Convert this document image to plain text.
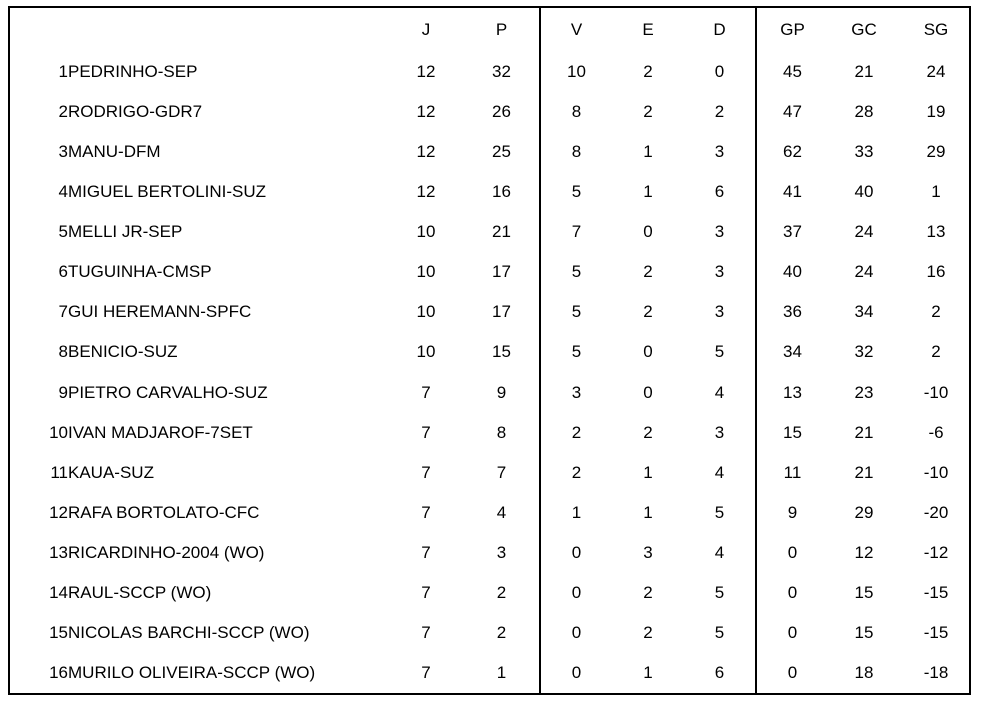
		J	P	V	E	D	GP	GC	SG
1	PEDRINHO-SEP	12	32	10	2	0	45	21	24
2	RODRIGO-GDR7	12	26	8	2	2	47	28	19
3	MANU-DFM	12	25	8	1	3	62	33	29
4	MIGUEL BERTOLINI-SUZ	12	16	5	1	6	41	40	1
5	MELLI JR-SEP	10	21	7	0	3	37	24	13
6	TUGUINHA-CMSP	10	17	5	2	3	40	24	16
7	GUI HEREMANN-SPFC	10	17	5	2	3	36	34	2
8	BENICIO-SUZ	10	15	5	0	5	34	32	2
9	PIETRO CARVALHO-SUZ	7	9	3	0	4	13	23	-10
10	IVAN MADJAROF-7SET	7	8	2	2	3	15	21	-6
11	KAUA-SUZ	7	7	2	1	4	11	21	-10
12	RAFA BORTOLATO-CFC	7	4	1	1	5	9	29	-20
13	RICARDINHO-2004 (WO)	7	3	0	3	4	0	12	-12
14	RAUL-SCCP (WO)	7	2	0	2	5	0	15	-15
15	NICOLAS BARCHI-SCCP (WO)	7	2	0	2	5	0	15	-15
16	MURILO OLIVEIRA-SCCP (WO)	7	1	0	1	6	0	18	-18
